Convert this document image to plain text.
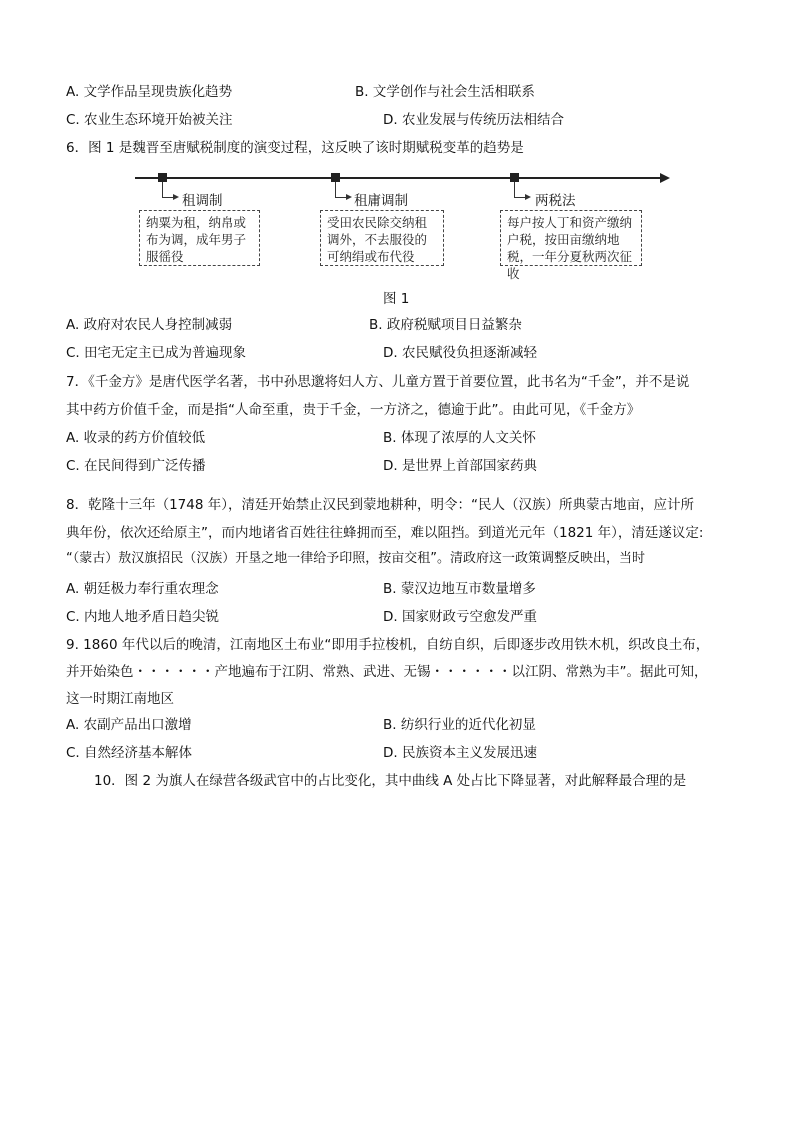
A. 文学作品呈现贵族化趋势	B. 文学创作与社会生活相联系
C. 农业生态环境开始被关注	D. 农业发展与传统历法相结合
6．图 1 是魏晋至唐赋税制度的演变过程，这反映了该时期赋税变革的趋势是
租调制
纳粟为租，纳帛或布为调，成年男子服徭役
租庸调制
受田农民除交纳租调外，不去服役的可纳绢或布代役
两税法
每户按人丁和资产缴纳户税，按田亩缴纳地税，一年分夏秋两次征收
图 1
A. 政府对农民人身控制减弱	B. 政府税赋项目日益繁杂
C. 田宅无定主已成为普遍现象	D. 农民赋役负担逐渐减轻
7．《千金方》是唐代医学名著，书中孙思邈将妇人方、儿童方置于首要位置，此书名为“千金”，并不是说
其中药方价值千金，而是指“人命至重，贵于千金，一方济之，德逾于此”。由此可见，《千金方》
A. 收录的药方价值较低	B. 体现了浓厚的人文关怀
C. 在民间得到广泛传播	D. 是世界上首部国家药典
8．乾隆十三年（1748 年），清廷开始禁止汉民到蒙地耕种，明令：“民人（汉族）所典蒙古地亩，应计所
典年份，依次还给原主”，而内地诸省百姓往往蜂拥而至，难以阻挡。到道光元年（1821 年），清廷遂议定:
“（蒙古）敖汉旗招民（汉族）开垦之地一律给予印照，按亩交租”。清政府这一政策调整反映出，当时
A. 朝廷极力奉行重农理念	B. 蒙汉边地互市数量增多
C. 内地人地矛盾日趋尖锐	D. 国家财政亏空愈发严重
9. 1860 年代以后的晚清，江南地区土布业“即用手拉梭机，自纺自织，后即逐步改用铁木机，织改良土布，
并开始染色・・・・・・产地遍布于江阴、常熟、武进、无锡・・・・・・以江阴、常熟为丰”。据此可知，
这一时期江南地区
A. 农副产品出口激增	B. 纺织行业的近代化初显
C. 自然经济基本解体	D. 民族资本主义发展迅速
10．图 2 为旗人在绿营各级武官中的占比变化，其中曲线 A 处占比下降显著，对此解释最合理的是
